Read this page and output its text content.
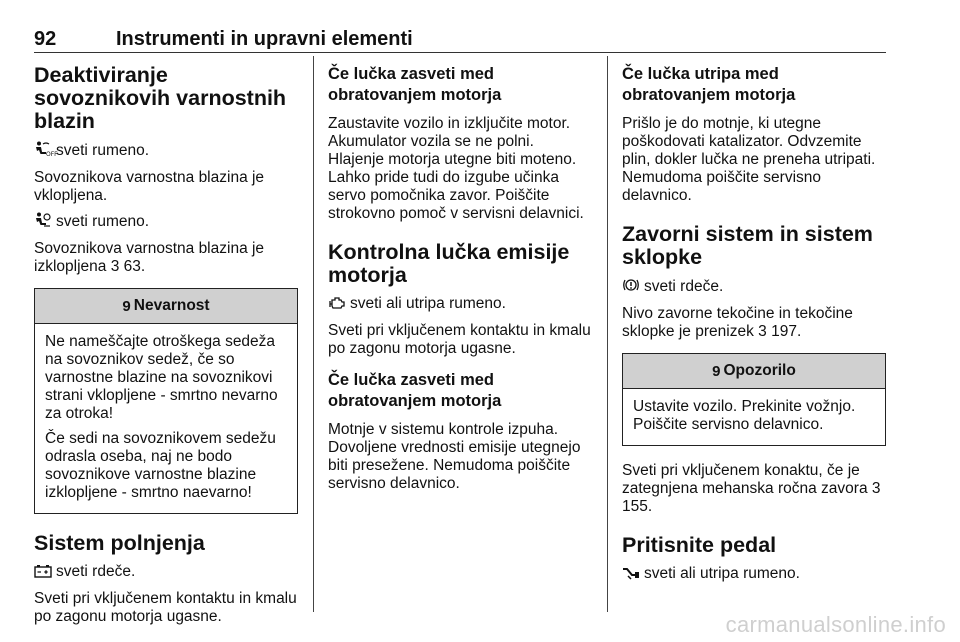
92	Instrumenti in upravni elementi
Deaktiviranje sovoznikovih varnostnih blazin
OFF
sveti rumeno.
Sovoznikova varnostna blazina je vklopljena.
sveti rumeno.
Sovoznikova varnostna blazina je izklopljena 3 63.
9 Nevarnost
Ne nameščajte otroškega sedeža na sovoznikov sedež, če so varnostne blazine na sovoznikovi strani vklopljene - smrtno nevarno za otroka!
Če sedi na sovoznikovem sedežu odrasla oseba, naj ne bodo sovoznikove varnostne blazine izklopljene - smrtno naevarno!
Sistem polnjenja
sveti rdeče.
Sveti pri vključenem kontaktu in kmalu po zagonu motorja ugasne.
Če lučka zasveti med obratovanjem motorja
Zaustavite vozilo in izključite motor. Akumulator vozila se ne polni. Hlajenje motorja utegne biti moteno. Lahko pride tudi do izgube učinka servo pomočnika zavor. Poiščite strokovno pomoč v servisni delavnici.
Kontrolna lučka emisije motorja
sveti ali utripa rumeno.
Sveti pri vključenem kontaktu in kmalu po zagonu motorja ugasne.
Če lučka zasveti med obratovanjem motorja
Motnje v sistemu kontrole izpuha. Dovoljene vrednosti emisije utegnejo biti presežene. Nemudoma poiščite servisno delavnico.
Če lučka utripa med obratovanjem motorja
Prišlo je do motnje, ki utegne poškodovati katalizator. Odvzemite plin, dokler lučka ne preneha utripati. Nemudoma poiščite servisno delavnico.
Zavorni sistem in sistem sklopke
sveti rdeče.
Nivo zavorne tekočine in tekočine sklopke je prenizek 3 197.
9 Opozorilo
Ustavite vozilo. Prekinite vožnjo. Poiščite servisno delavnico.
Sveti pri vključenem konaktu, če je zategnjena mehanska ročna zavora 3 155.
Pritisnite pedal
sveti ali utripa rumeno.
carmanualsonline.info
